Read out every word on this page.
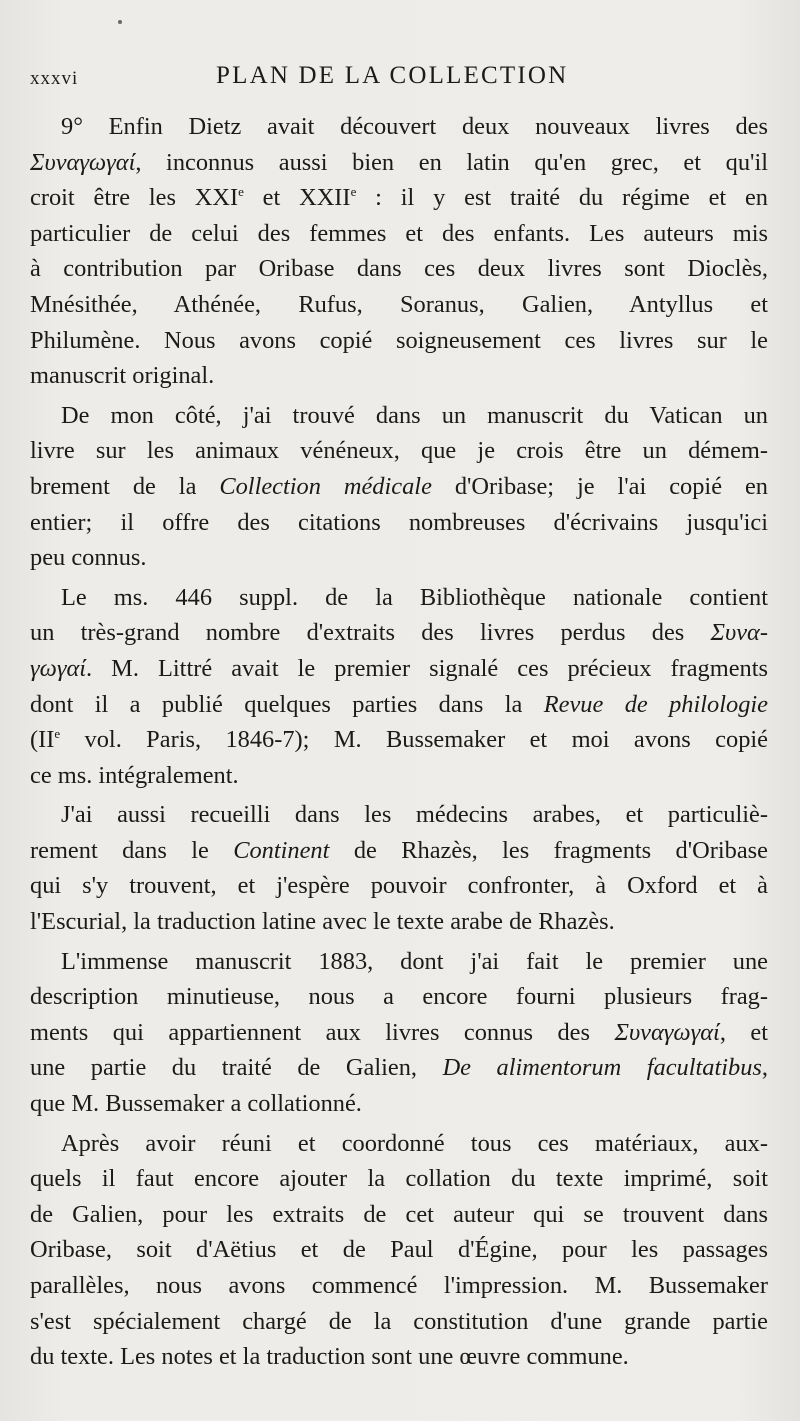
xxxvi	PLAN DE LA COLLECTION
9° Enfin Dietz avait découvert deux nouveaux livres des
Συναγωγαί, inconnus aussi bien en latin qu'en grec, et qu'il
croit être les XXIe et XXIIe : il y est traité du régime et en
particulier de celui des femmes et des enfants. Les auteurs mis
à contribution par Oribase dans ces deux livres sont Dioclès,
Mnésithée, Athénée, Rufus, Soranus, Galien, Antyllus et
Philumène. Nous avons copié soigneusement ces livres sur le
manuscrit original.
De mon côté, j'ai trouvé dans un manuscrit du Vatican un
livre sur les animaux vénéneux, que je crois être un démem-
brement de la Collection médicale d'Oribase; je l'ai copié en
entier; il offre des citations nombreuses d'écrivains jusqu'ici
peu connus.
Le ms. 446 suppl. de la Bibliothèque nationale contient
un très-grand nombre d'extraits des livres perdus des Συνα-
γωγαί. M. Littré avait le premier signalé ces précieux fragments
dont il a publié quelques parties dans la Revue de philologie
(IIe vol. Paris, 1846-7); M. Bussemaker et moi avons copié
ce ms. intégralement.
J'ai aussi recueilli dans les médecins arabes, et particuliè-
rement dans le Continent de Rhazès, les fragments d'Oribase
qui s'y trouvent, et j'espère pouvoir confronter, à Oxford et à
l'Escurial, la traduction latine avec le texte arabe de Rhazès.
L'immense manuscrit 1883, dont j'ai fait le premier une
description minutieuse, nous a encore fourni plusieurs frag-
ments qui appartiennent aux livres connus des Συναγωγαί, et
une partie du traité de Galien, De alimentorum facultatibus,
que M. Bussemaker a collationné.
Après avoir réuni et coordonné tous ces matériaux, aux-
quels il faut encore ajouter la collation du texte imprimé, soit
de Galien, pour les extraits de cet auteur qui se trouvent dans
Oribase, soit d'Aëtius et de Paul d'Égine, pour les passages
parallèles, nous avons commencé l'impression. M. Bussemaker
s'est spécialement chargé de la constitution d'une grande partie
du texte. Les notes et la traduction sont une œuvre commune.
